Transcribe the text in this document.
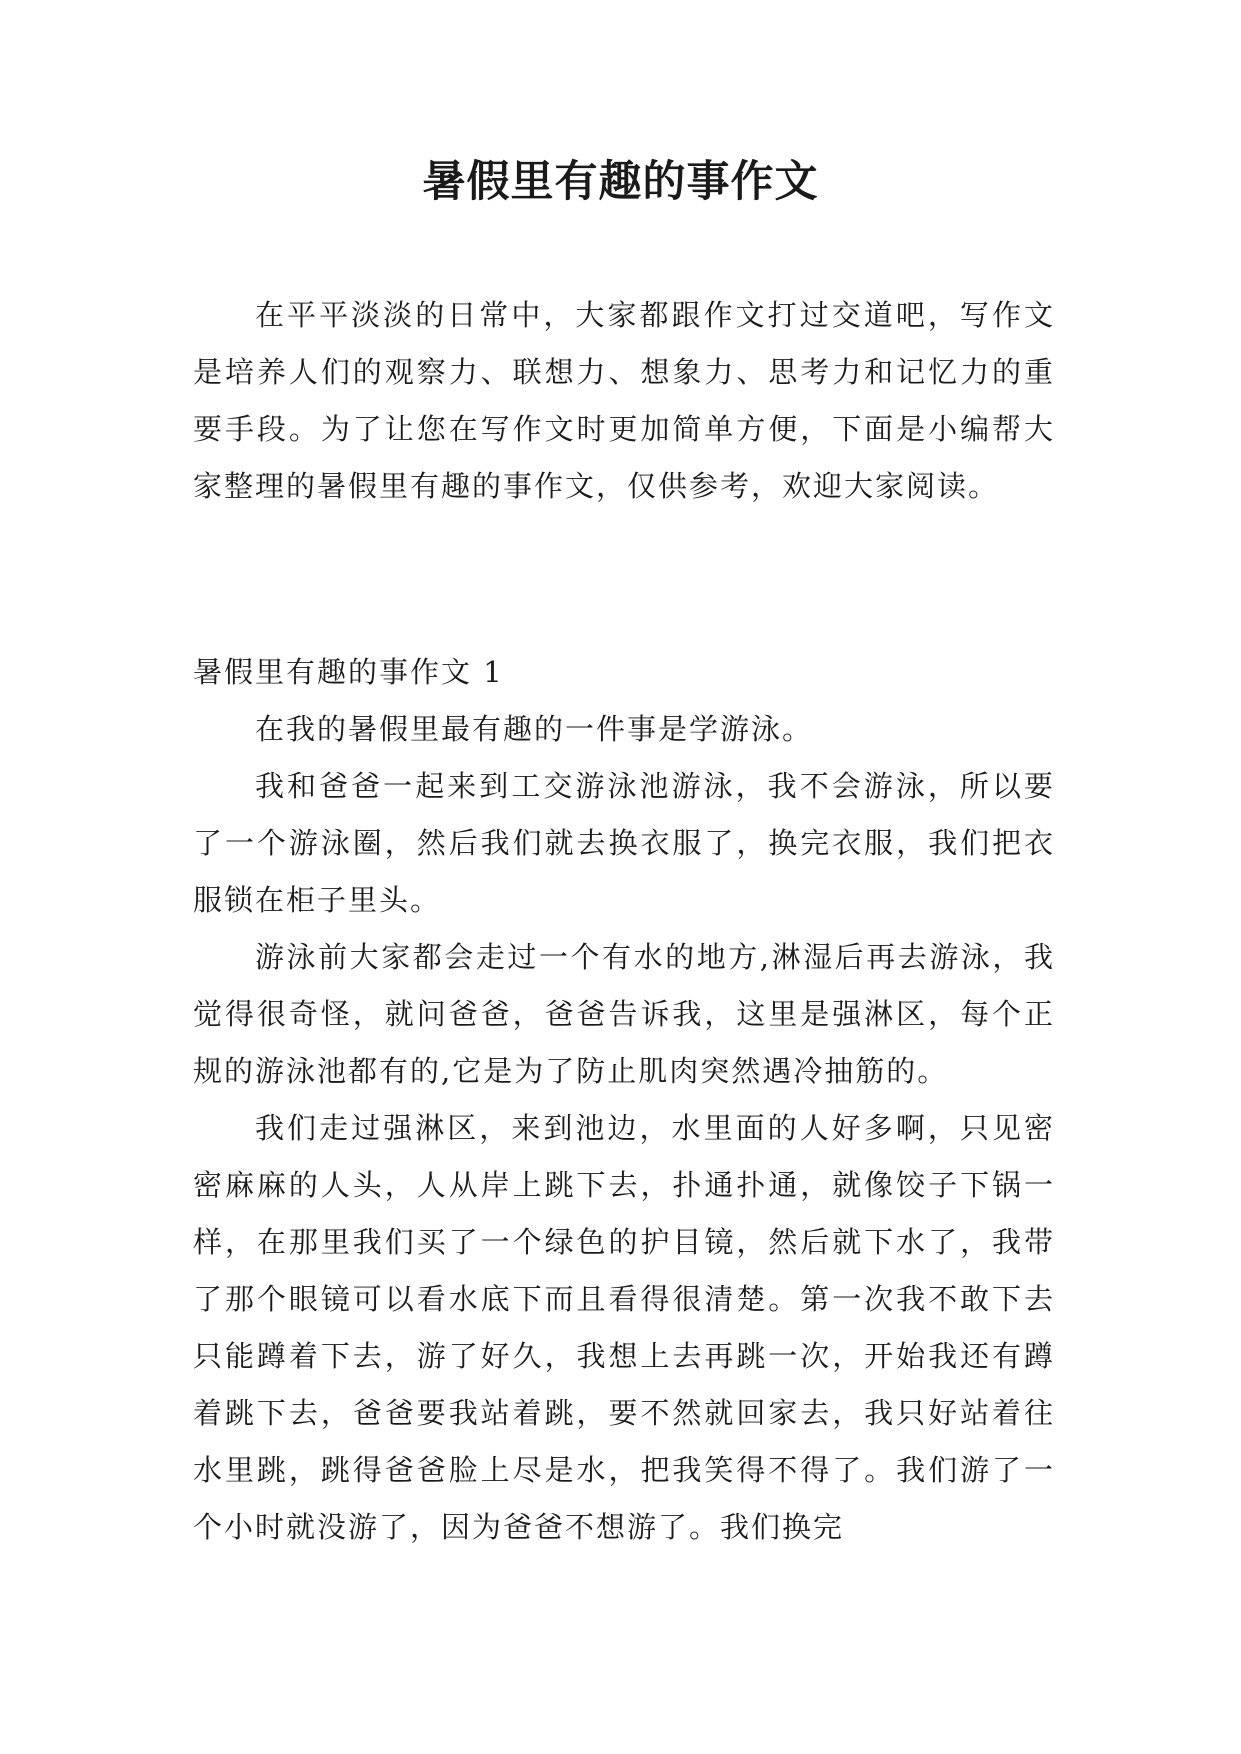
暑假里有趣的事作文

在平平淡淡的日常中，大家都跟作文打过交道吧，写作文是培养人们的观察力、联想力、想象力、思考力和记忆力的重要手段。为了让您在写作文时更加简单方便，下面是小编帮大家整理的暑假里有趣的事作文，仅供参考，欢迎大家阅读。

暑假里有趣的事作文 1

在我的暑假里最有趣的一件事是学游泳。

我和爸爸一起来到工交游泳池游泳，我不会游泳，所以要了一个游泳圈，然后我们就去换衣服了，换完衣服，我们把衣服锁在柜子里头。

游泳前大家都会走过一个有水的地方,淋湿后再去游泳，我觉得很奇怪，就问爸爸，爸爸告诉我，这里是强淋区，每个正规的游泳池都有的,它是为了防止肌肉突然遇冷抽筋的。

我们走过强淋区，来到池边，水里面的人好多啊，只见密密麻麻的人头，人从岸上跳下去，扑通扑通，就像饺子下锅一样，在那里我们买了一个绿色的护目镜，然后就下水了，我带了那个眼镜可以看水底下而且看得很清楚。第一次我不敢下去只能蹲着下去，游了好久，我想上去再跳一次，开始我还有蹲着跳下去，爸爸要我站着跳，要不然就回家去，我只好站着往水里跳，跳得爸爸脸上尽是水，把我笑得不得了。我们游了一个小时就没游了，因为爸爸不想游了。我们换完
